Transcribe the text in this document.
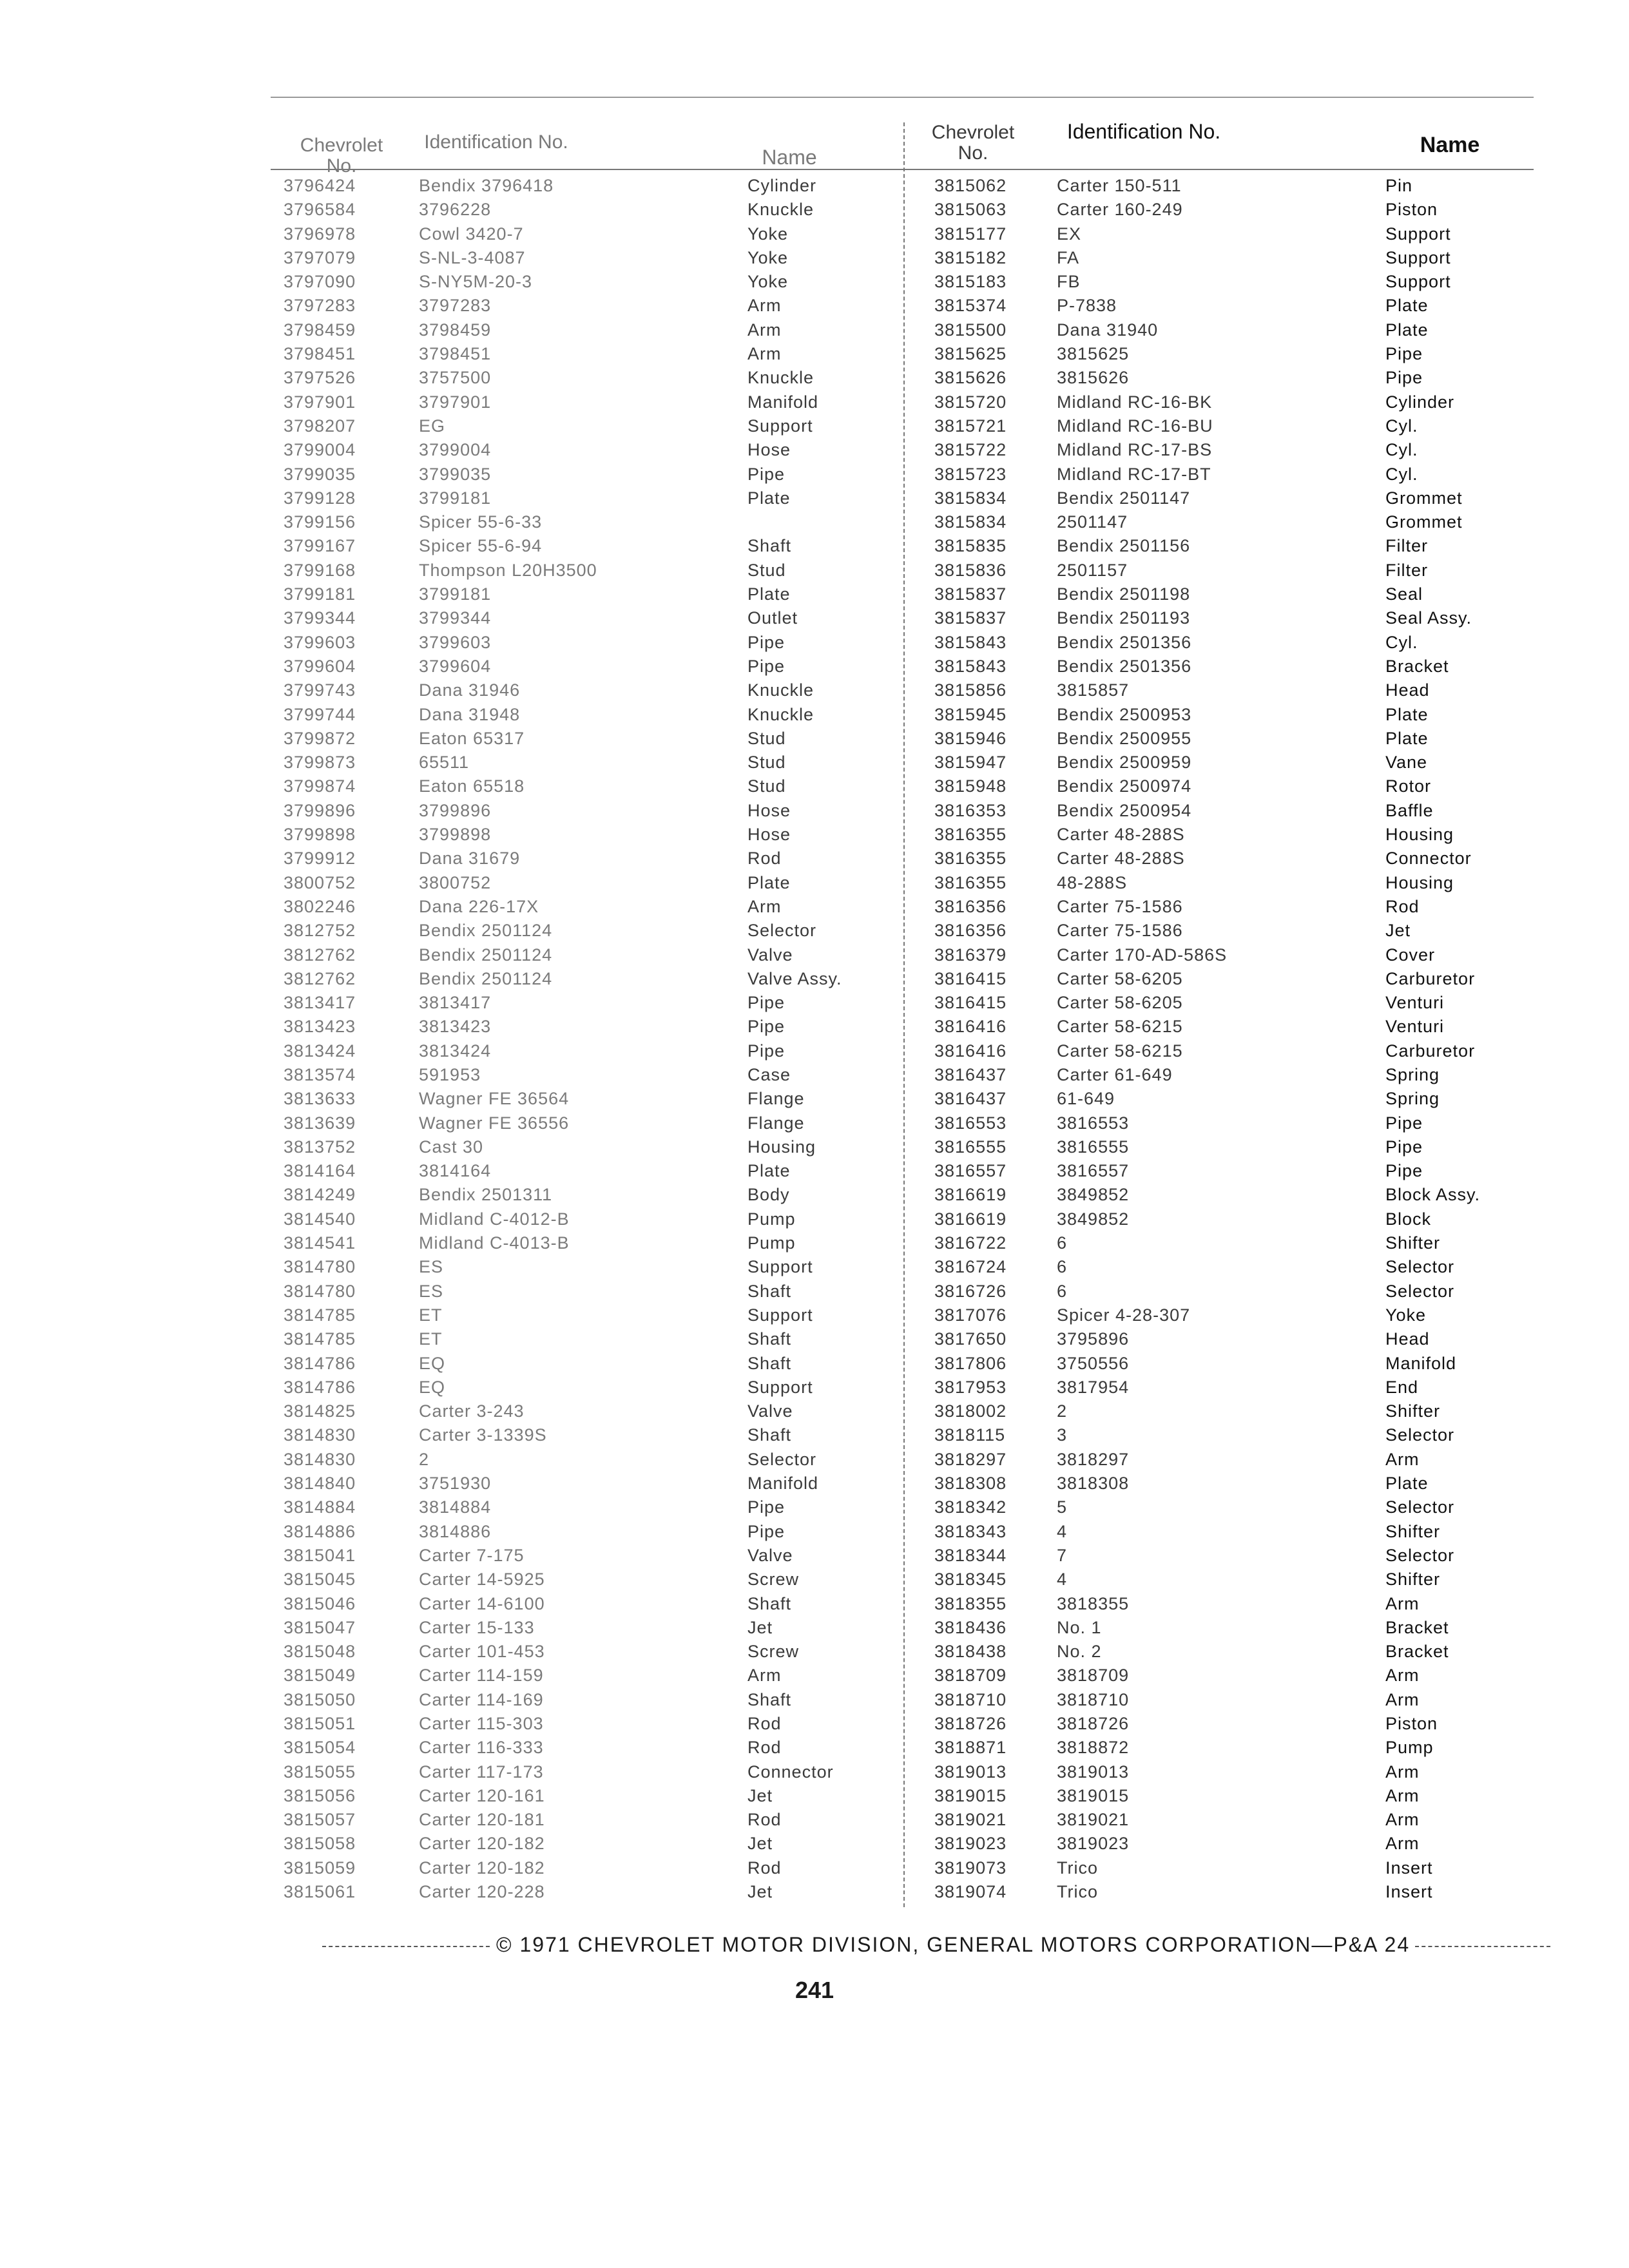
Chevrolet No.
Identification No.
Name
Chevrolet No.
Identification No.
Name
3796424
3796584
3796978
3797079
3797090
3797283
3798459
3798451
3797526
3797901
3798207
3799004
3799035
3799128
3799156
3799167
3799168
3799181
3799344
3799603
3799604
3799743
3799744
3799872
3799873
3799874
3799896
3799898
3799912
3800752
3802246
3812752
3812762
3812762
3813417
3813423
3813424
3813574
3813633
3813639
3813752
3814164
3814249
3814540
3814541
3814780
3814780
3814785
3814785
3814786
3814786
3814825
3814830
3814830
3814840
3814884
3814886
3815041
3815045
3815046
3815047
3815048
3815049
3815050
3815051
3815054
3815055
3815056
3815057
3815058
3815059
3815061
Bendix 3796418
3796228
Cowl 3420-7
S-NL-3-4087
S-NY5M-20-3
3797283
3798459
3798451
3757500
3797901
EG
3799004
3799035
3799181
Spicer 55-6-33
Spicer 55-6-94
Thompson L20H3500
3799181
3799344
3799603
3799604
Dana 31946
Dana 31948
Eaton 65317
65511
Eaton 65518
3799896
3799898
Dana 31679
3800752
Dana 226-17X
Bendix 2501124
Bendix 2501124
Bendix 2501124
3813417
3813423
3813424
591953
Wagner FE 36564
Wagner FE 36556
Cast 30
3814164
Bendix 2501311
Midland C-4012-B
Midland C-4013-B
ES
ES
ET
ET
EQ
EQ
Carter 3-243
Carter 3-1339S
2
3751930
3814884
3814886
Carter 7-175
Carter 14-5925
Carter 14-6100
Carter 15-133
Carter 101-453
Carter 114-159
Carter 114-169
Carter 115-303
Carter 116-333
Carter 117-173
Carter 120-161
Carter 120-181
Carter 120-182
Carter 120-182
Carter 120-228
Cylinder
Knuckle
Yoke
Yoke
Yoke
Arm
Arm
Arm
Knuckle
Manifold
Support
Hose
Pipe
Plate
Shaft
Stud
Plate
Outlet
Pipe
Pipe
Knuckle
Knuckle
Stud
Stud
Stud
Hose
Hose
Rod
Plate
Arm
Selector
Valve
Valve Assy.
Pipe
Pipe
Pipe
Case
Flange
Flange
Housing
Plate
Body
Pump
Pump
Support
Shaft
Support
Shaft
Shaft
Support
Valve
Shaft
Selector
Manifold
Pipe
Pipe
Valve
Screw
Shaft
Jet
Screw
Arm
Shaft
Rod
Rod
Connector
Jet
Rod
Jet
Rod
Jet
3815062
3815063
3815177
3815182
3815183
3815374
3815500
3815625
3815626
3815720
3815721
3815722
3815723
3815834
3815834
3815835
3815836
3815837
3815837
3815843
3815843
3815856
3815945
3815946
3815947
3815948
3816353
3816355
3816355
3816355
3816356
3816356
3816379
3816415
3816415
3816416
3816416
3816437
3816437
3816553
3816555
3816557
3816619
3816619
3816722
3816724
3816726
3817076
3817650
3817806
3817953
3818002
3818115
3818297
3818308
3818342
3818343
3818344
3818345
3818355
3818436
3818438
3818709
3818710
3818726
3818871
3819013
3819015
3819021
3819023
3819073
3819074
Carter 150-511
Carter 160-249
EX
FA
FB
P-7838
Dana 31940
3815625
3815626
Midland RC-16-BK
Midland RC-16-BU
Midland RC-17-BS
Midland RC-17-BT
Bendix 2501147
2501147
Bendix 2501156
2501157
Bendix 2501198
Bendix 2501193
Bendix 2501356
Bendix 2501356
3815857
Bendix 2500953
Bendix 2500955
Bendix 2500959
Bendix 2500974
Bendix 2500954
Carter 48-288S
Carter 48-288S
48-288S
Carter 75-1586
Carter 75-1586
Carter 170-AD-586S
Carter 58-6205
Carter 58-6205
Carter 58-6215
Carter 58-6215
Carter 61-649
61-649
3816553
3816555
3816557
3849852
3849852
6
6
6
Spicer 4-28-307
3795896
3750556
3817954
2
3
3818297
3818308
5
4
7
4
3818355
No. 1
No. 2
3818709
3818710
3818726
3818872
3819013
3819015
3819021
3819023
Trico
Trico
Pin
Piston
Support
Support
Support
Plate
Plate
Pipe
Pipe
Cylinder
Cyl.
Cyl.
Cyl.
Grommet
Grommet
Filter
Filter
Seal
Seal Assy.
Cyl.
Bracket
Head
Plate
Plate
Vane
Rotor
Baffle
Housing
Connector
Housing
Rod
Jet
Cover
Carburetor
Venturi
Venturi
Carburetor
Spring
Spring
Pipe
Pipe
Pipe
Block Assy.
Block
Shifter
Selector
Selector
Yoke
Head
Manifold
End
Shifter
Selector
Arm
Plate
Selector
Shifter
Selector
Shifter
Arm
Bracket
Bracket
Arm
Arm
Piston
Pump
Arm
Arm
Arm
Arm
Insert
Insert
© 1971 CHEVROLET MOTOR DIVISION, GENERAL MOTORS CORPORATION—P&A 24
241
